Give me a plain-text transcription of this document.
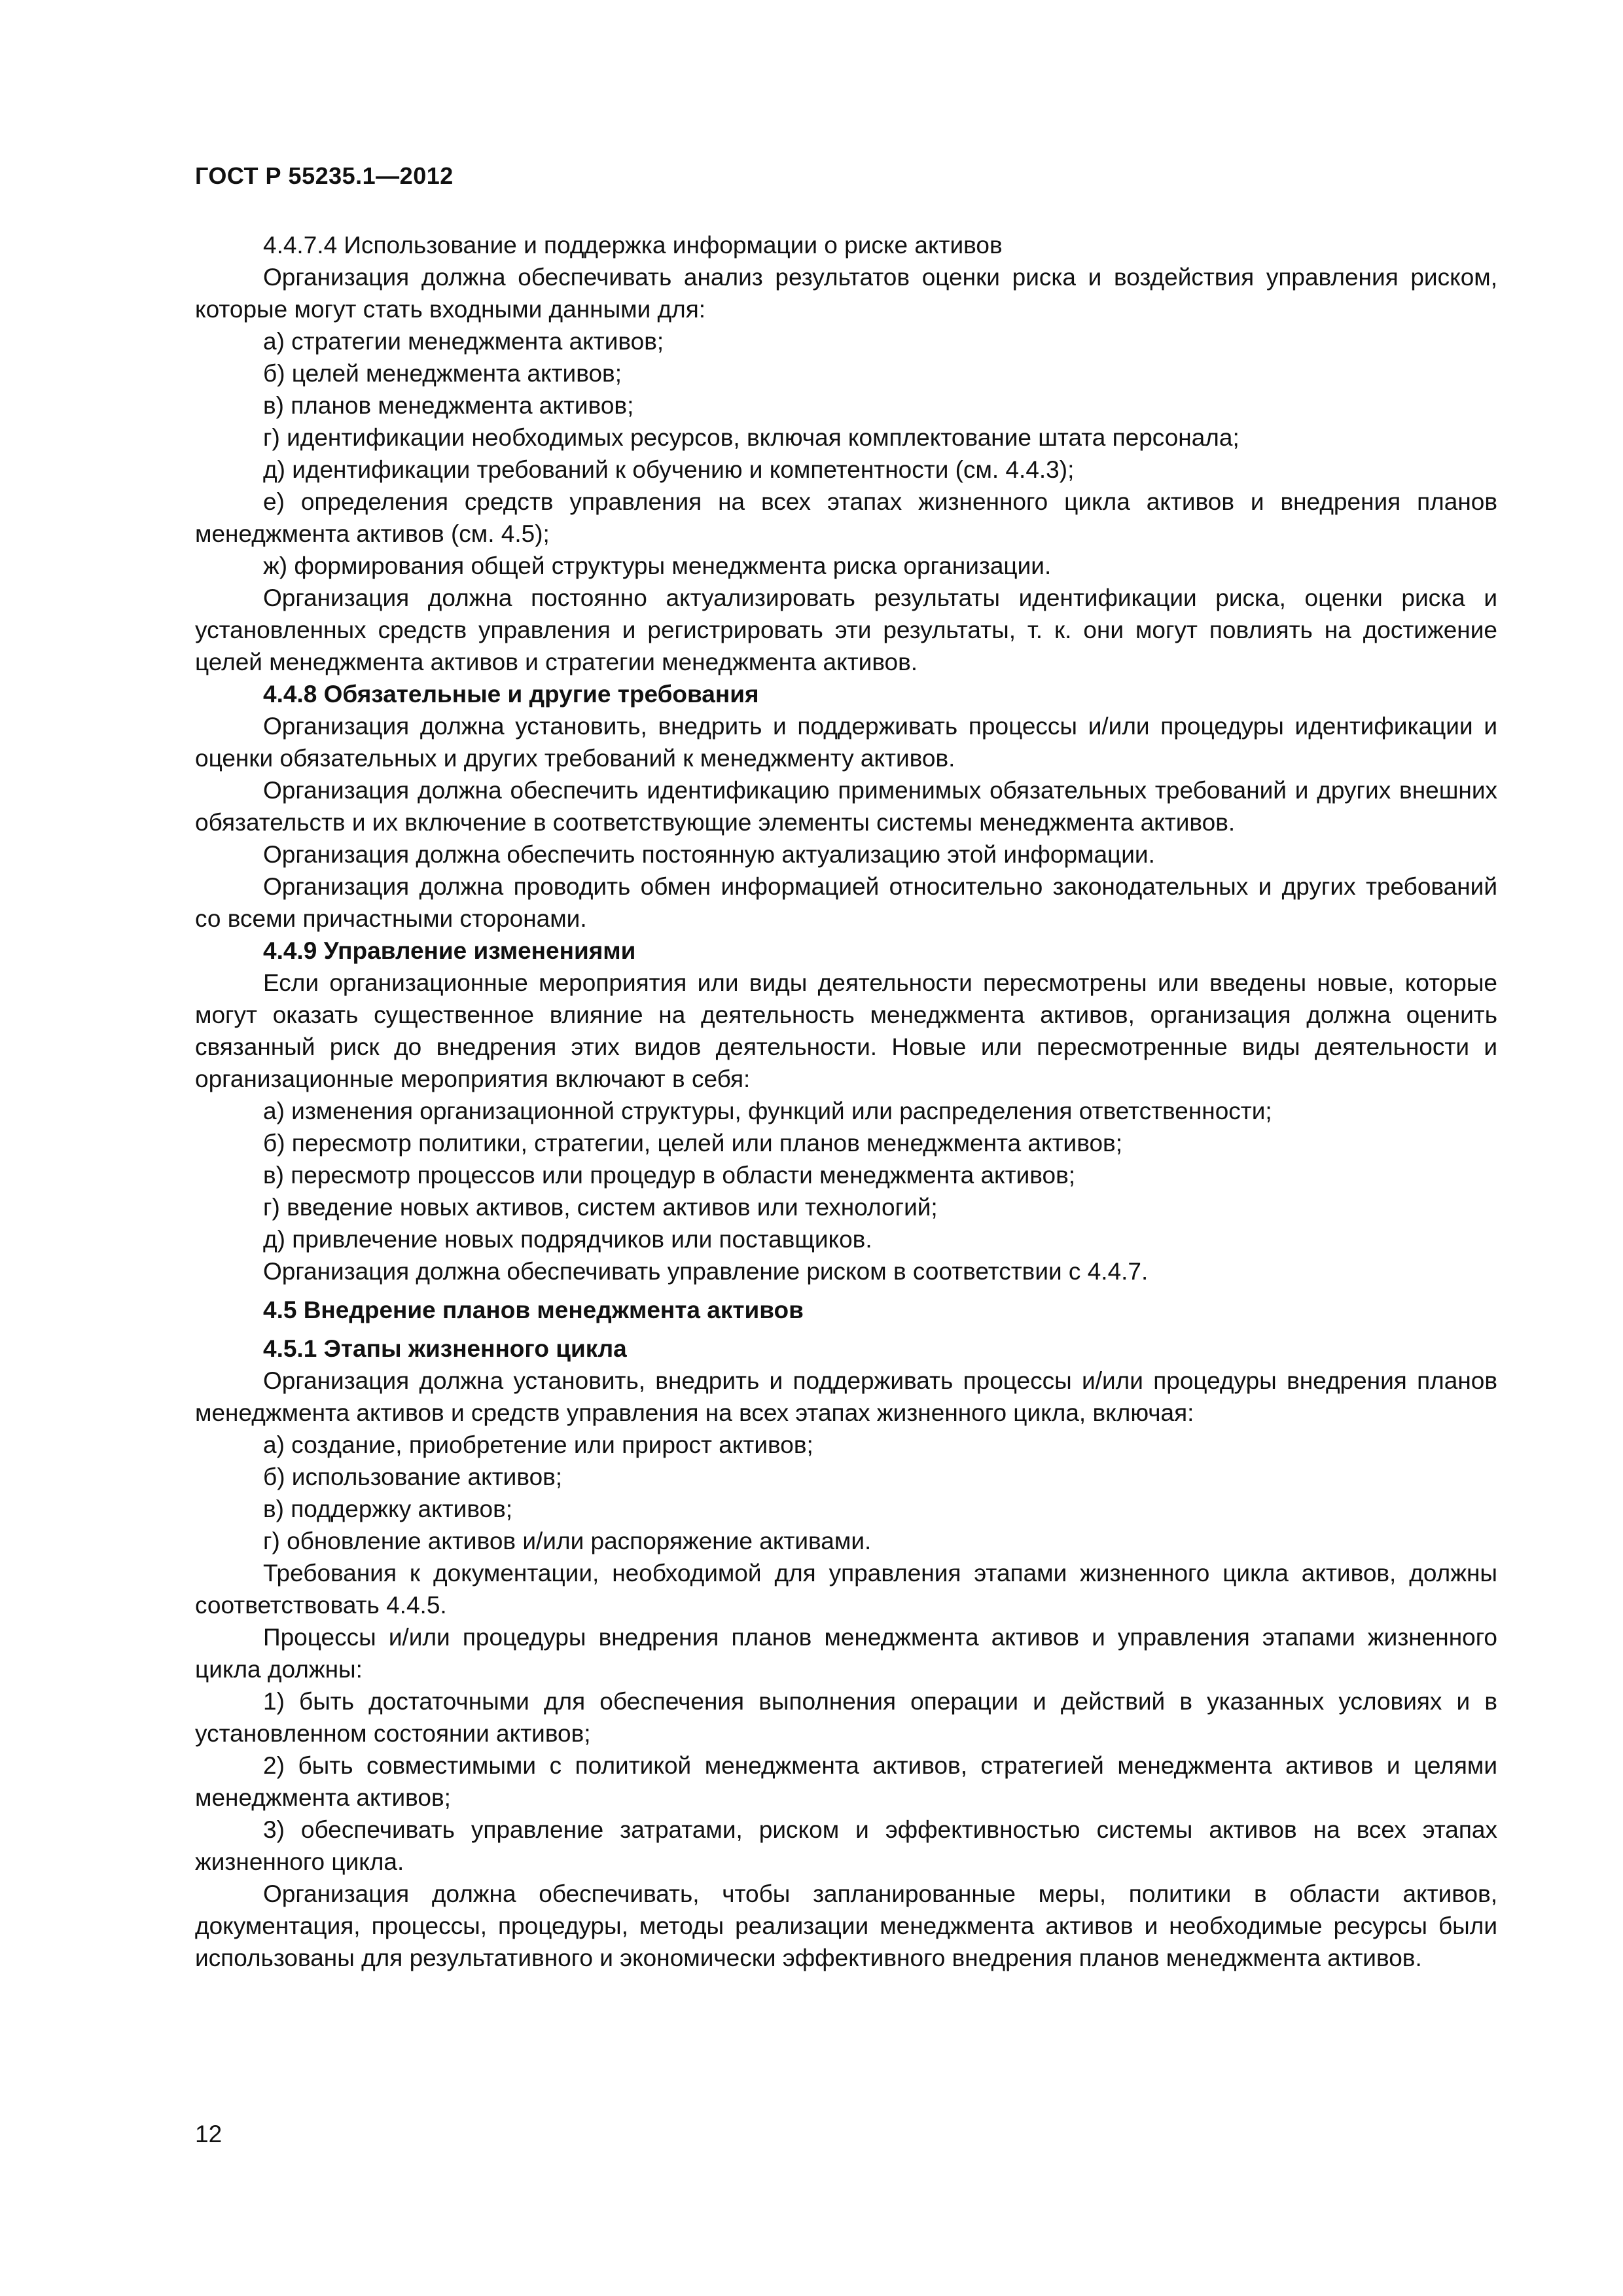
ГОСТ Р 55235.1—2012

4.4.7.4 Использование и поддержка информации о риске активов

Организация должна обеспечивать анализ результатов оценки риска и воздействия управления риском, которые могут стать входными данными для:

а) стратегии менеджмента активов;

б) целей менеджмента активов;

в) планов менеджмента активов;

г) идентификации необходимых ресурсов, включая комплектование штата персонала;

д) идентификации требований к обучению и компетентности (см. 4.4.3);

е) определения средств управления на всех этапах жизненного цикла активов и внедрения планов менеджмента активов (см. 4.5);

ж) формирования общей структуры менеджмента риска организации.

Организация должна постоянно актуализировать результаты идентификации риска, оценки риска и установленных средств управления и регистрировать эти результаты, т. к. они могут повлиять на достижение целей менеджмента активов и стратегии менеджмента активов.

4.4.8 Обязательные и другие требования

Организация должна установить, внедрить и поддерживать процессы и/или процедуры идентификации и оценки обязательных и других требований к менеджменту активов.

Организация должна обеспечить идентификацию применимых обязательных требований и других внешних обязательств и их включение в соответствующие элементы системы менеджмента активов.

Организация должна обеспечить постоянную актуализацию этой информации.

Организация должна проводить обмен информацией относительно законодательных и других требований со всеми причастными сторонами.

4.4.9 Управление изменениями

Если организационные мероприятия или виды деятельности пересмотрены или введены новые, которые могут оказать существенное влияние на деятельность менеджмента активов, организация должна оценить связанный риск до внедрения этих видов деятельности. Новые или пересмотренные виды деятельности и организационные мероприятия включают в себя:

а) изменения организационной структуры, функций или распределения ответственности;

б) пересмотр политики, стратегии, целей или планов менеджмента активов;

в) пересмотр процессов или процедур в области менеджмента активов;

г) введение новых активов, систем активов или технологий;

д) привлечение новых подрядчиков или поставщиков.

Организация должна обеспечивать управление риском в соответствии с 4.4.7.

4.5 Внедрение планов менеджмента активов

4.5.1 Этапы жизненного цикла

Организация должна установить, внедрить и поддерживать процессы и/или процедуры внедрения планов менеджмента активов и средств управления на всех этапах жизненного цикла, включая:

а) создание, приобретение или прирост активов;

б) использование активов;

в) поддержку активов;

г) обновление активов и/или распоряжение активами.

Требования к документации, необходимой для управления этапами жизненного цикла активов, должны соответствовать 4.4.5.

Процессы и/или процедуры внедрения планов менеджмента активов и управления этапами жизненного цикла должны:

1) быть достаточными для обеспечения выполнения операции и действий в указанных условиях и в установленном состоянии активов;

2) быть совместимыми с политикой менеджмента активов, стратегией менеджмента активов и целями менеджмента активов;

3) обеспечивать управление затратами, риском и эффективностью системы активов на всех этапах жизненного цикла.

Организация должна обеспечивать, чтобы запланированные меры, политики в области активов, документация, процессы, процедуры, методы реализации менеджмента активов и необходимые ресурсы были использованы для результативного и экономически эффективного внедрения планов менеджмента активов.

12
